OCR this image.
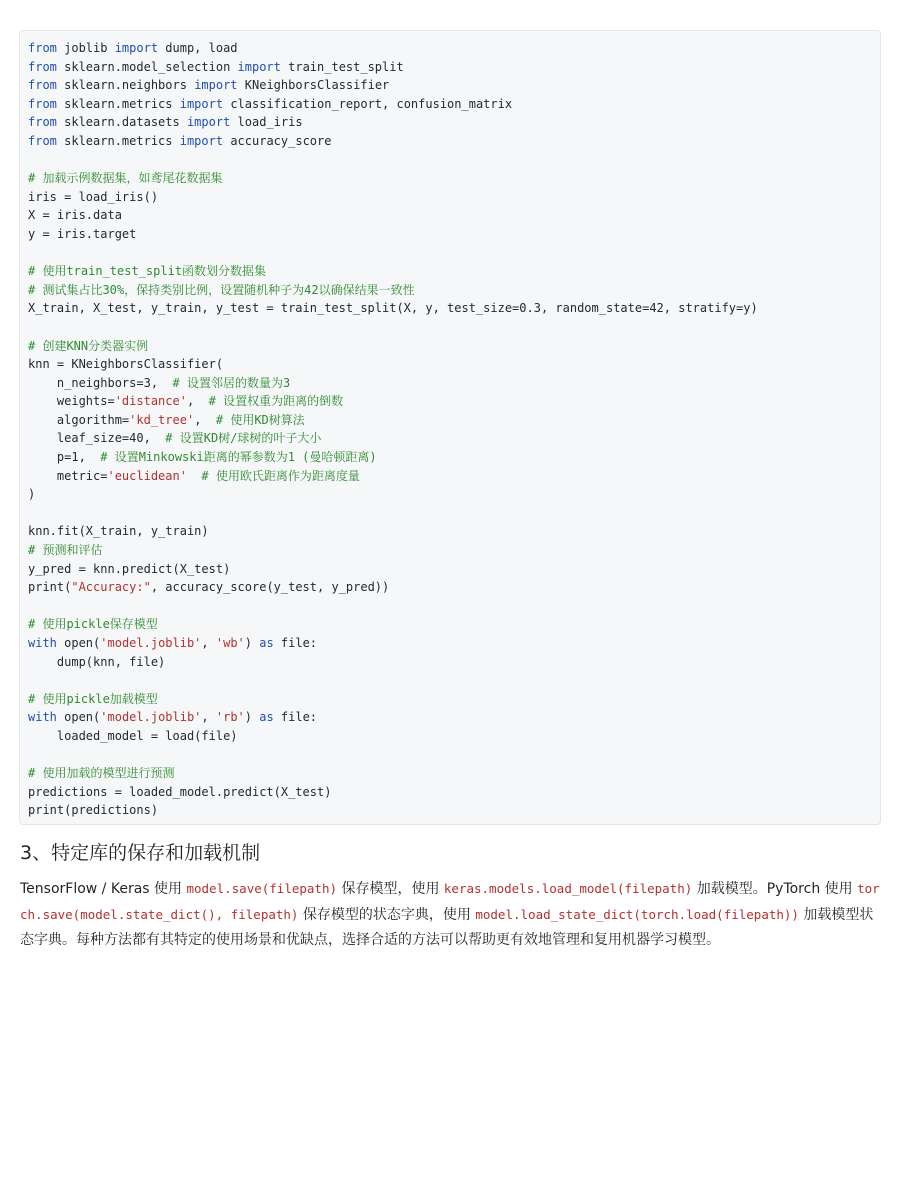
from joblib import dump, load
from sklearn.model_selection import train_test_split
from sklearn.neighbors import KNeighborsClassifier
from sklearn.metrics import classification_report, confusion_matrix
from sklearn.datasets import load_iris
from sklearn.metrics import accuracy_score

# 加载示例数据集，如鸢尾花数据集
iris = load_iris()
X = iris.data
y = iris.target

# 使用train_test_split函数划分数据集
# 测试集占比30%，保持类别比例，设置随机种子为42以确保结果一致性
X_train, X_test, y_train, y_test = train_test_split(X, y, test_size=0.3, random_state=42, stratify=y)

# 创建KNN分类器实例
knn = KNeighborsClassifier(
n_neighbors=3,  # 设置邻居的数量为3
weights='distance',  # 设置权重为距离的倒数
algorithm='kd_tree',  # 使用KD树算法
leaf_size=40,  # 设置KD树/球树的叶子大小
p=1,  # 设置Minkowski距离的幂参数为1 (曼哈顿距离)
metric='euclidean' # 使用欧氏距离作为距离度量
)

knn.fit(X_train, y_train)
# 预测和评估
y_pred = knn.predict(X_test)
print("Accuracy:", accuracy_score(y_test, y_pred))

# 使用pickle保存模型
with open('model.joblib', 'wb') as file:
dump(knn, file)

# 使用pickle加载模型
with open('model.joblib', 'rb') as file:
loaded_model = load(file)

# 使用加载的模型进行预测
predictions = loaded_model.predict(X_test)
print(predictions)
3、特定库的保存和加载机制

TensorFlow / Keras 使用 model.save(filepath) 保存模型，使用 keras.models.load_model(filepath) 加载模型。PyTorch 使用 torch.save(model.state_dict(), filepath) 保存模型的状态字典，使用 model.load_state_dict(torch.load(filepath)) 加载模型状态字典。每种方法都有其特定的使用场景和优缺点，选择合适的方法可以帮助更有效地管理和复用机器学习模型。
